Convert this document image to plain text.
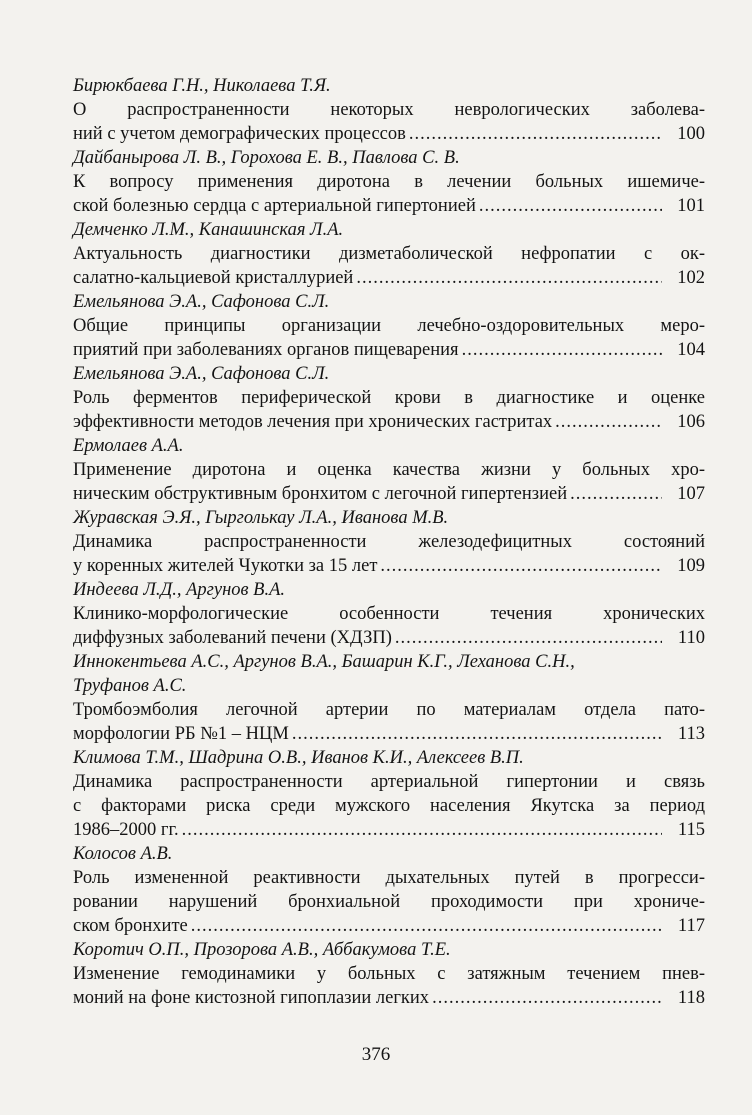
Бирюкбаева Г.Н., Николаева Т.Я.
О распространенности некоторых неврологических заболева-
ний с учетом демографических процессов .....	100
Дайбанырова Л. В., Горохова Е. В., Павлова С. В.
К вопросу применения диротона в лечении больных ишемиче-
ской болезнью сердца с артериальной гипертонией .....	101
Демченко Л.М., Канашинская Л.А.
Актуальность диагностики дизметаболической нефропатии с ок-
салатно-кальциевой кристаллурией .....	102
Емельянова Э.А., Сафонова С.Л.
Общие принципы организации лечебно-оздоровительных меро-
приятий при заболеваниях органов пищеварения .....	104
Емельянова Э.А., Сафонова С.Л.
Роль ферментов периферической крови в диагностике и оценке
эффективности методов лечения при хронических гастритах .....	106
Ермолаев А.А.
Применение диротона и оценка качества жизни у больных хро-
ническим обструктивным бронхитом с легочной гипертензией .....	107
Журавская Э.Я., Гырголькау Л.А., Иванова М.В.
Динамика распространенности железодефицитных состояний
у коренных жителей Чукотки за 15 лет .....	109
Индеева Л.Д., Аргунов В.А.
Клинико-морфологические особенности течения хронических
диффузных заболеваний печени (ХДЗП) .....	110
Иннокентьева А.С., Аргунов В.А., Башарин К.Г., Леханова С.Н.,
Труфанов А.С.
Тромбоэмболия легочной артерии по материалам отдела пато-
морфологии РБ №1 – НЦМ .....	113
Климова Т.М., Шадрина О.В., Иванов К.И., Алексеев В.П.
Динамика распространенности артериальной гипертонии и связь
с факторами риска среди мужского населения Якутска за период
1986–2000 гг. .....	115
Колосов А.В.
Роль измененной реактивности дыхательных путей в прогресси-
ровании нарушений бронхиальной проходимости при хрониче-
ском бронхите .....	117
Коротич О.П., Прозорова А.В., Аббакумова Т.Е.
Изменение гемодинамики у больных с затяжным течением пнев-
моний на фоне кистозной гипоплазии легких .....	118
376
